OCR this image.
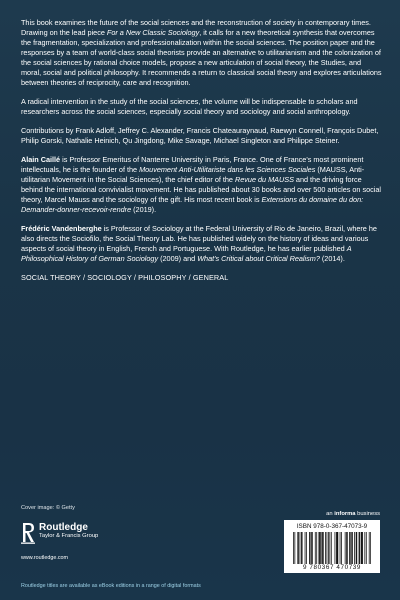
This book examines the future of the social sciences and the reconstruction of society in contemporary times. Drawing on the lead piece For a New Classic Sociology, it calls for a new theoretical synthesis that overcomes the fragmentation, specialization and professionalization within the social sciences. The position paper and the responses by a team of world-class social theorists provide an alternative to utilitarianism and the colonization of the social sciences by rational choice models, propose a new articulation of social theory, the Studies, and moral, social and political philosophy. It recommends a return to classical social theory and explores articulations between theories of reciprocity, care and recognition.

A radical intervention in the study of the social sciences, the volume will be indispensable to scholars and researchers across the social sciences, especially social theory and sociology and social anthropology.

Contributions by Frank Adloff, Jeffrey C. Alexander, Francis Chateauraynaud, Raewyn Connell, François Dubet, Philip Gorski, Nathalie Heinich, Qu Jingdong, Mike Savage, Michael Singleton and Philippe Steiner.

Alain Caillé is Professor Emeritus of Nanterre University in Paris, France. One of France's most prominent intellectuals, he is the founder of the Mouvement Anti-Utilitariste dans les Sciences Sociales (MAUSS, Anti-utilitarian Movement in the Social Sciences), the chief editor of the Revue du MAUSS and the driving force behind the international convivialist movement. He has published about 30 books and over 500 articles on social theory, Marcel Mauss and the sociology of the gift. His most recent book is Extensions du domaine du don: Demander-donner-recevoir-rendre (2019).

Frédéric Vandenberghe is Professor of Sociology at the Federal University of Rio de Janeiro, Brazil, where he also directs the Sociofilo, the Social Theory Lab. He has published widely on the history of ideas and various aspects of social theory in English, French and Portuguese. With Routledge, he has earlier published A Philosophical History of German Sociology (2009) and What's Critical about Critical Realism? (2014).

SOCIAL THEORY / SOCIOLOGY / PHILOSOPHY / GENERAL

Cover image: © Getty
an informa business
Routledge
Taylor & Francis Group
www.routledge.com
ISBN 978-0-367-47073-9
9 780367 470739
Routledge titles are available as eBook editions in a range of digital formats
